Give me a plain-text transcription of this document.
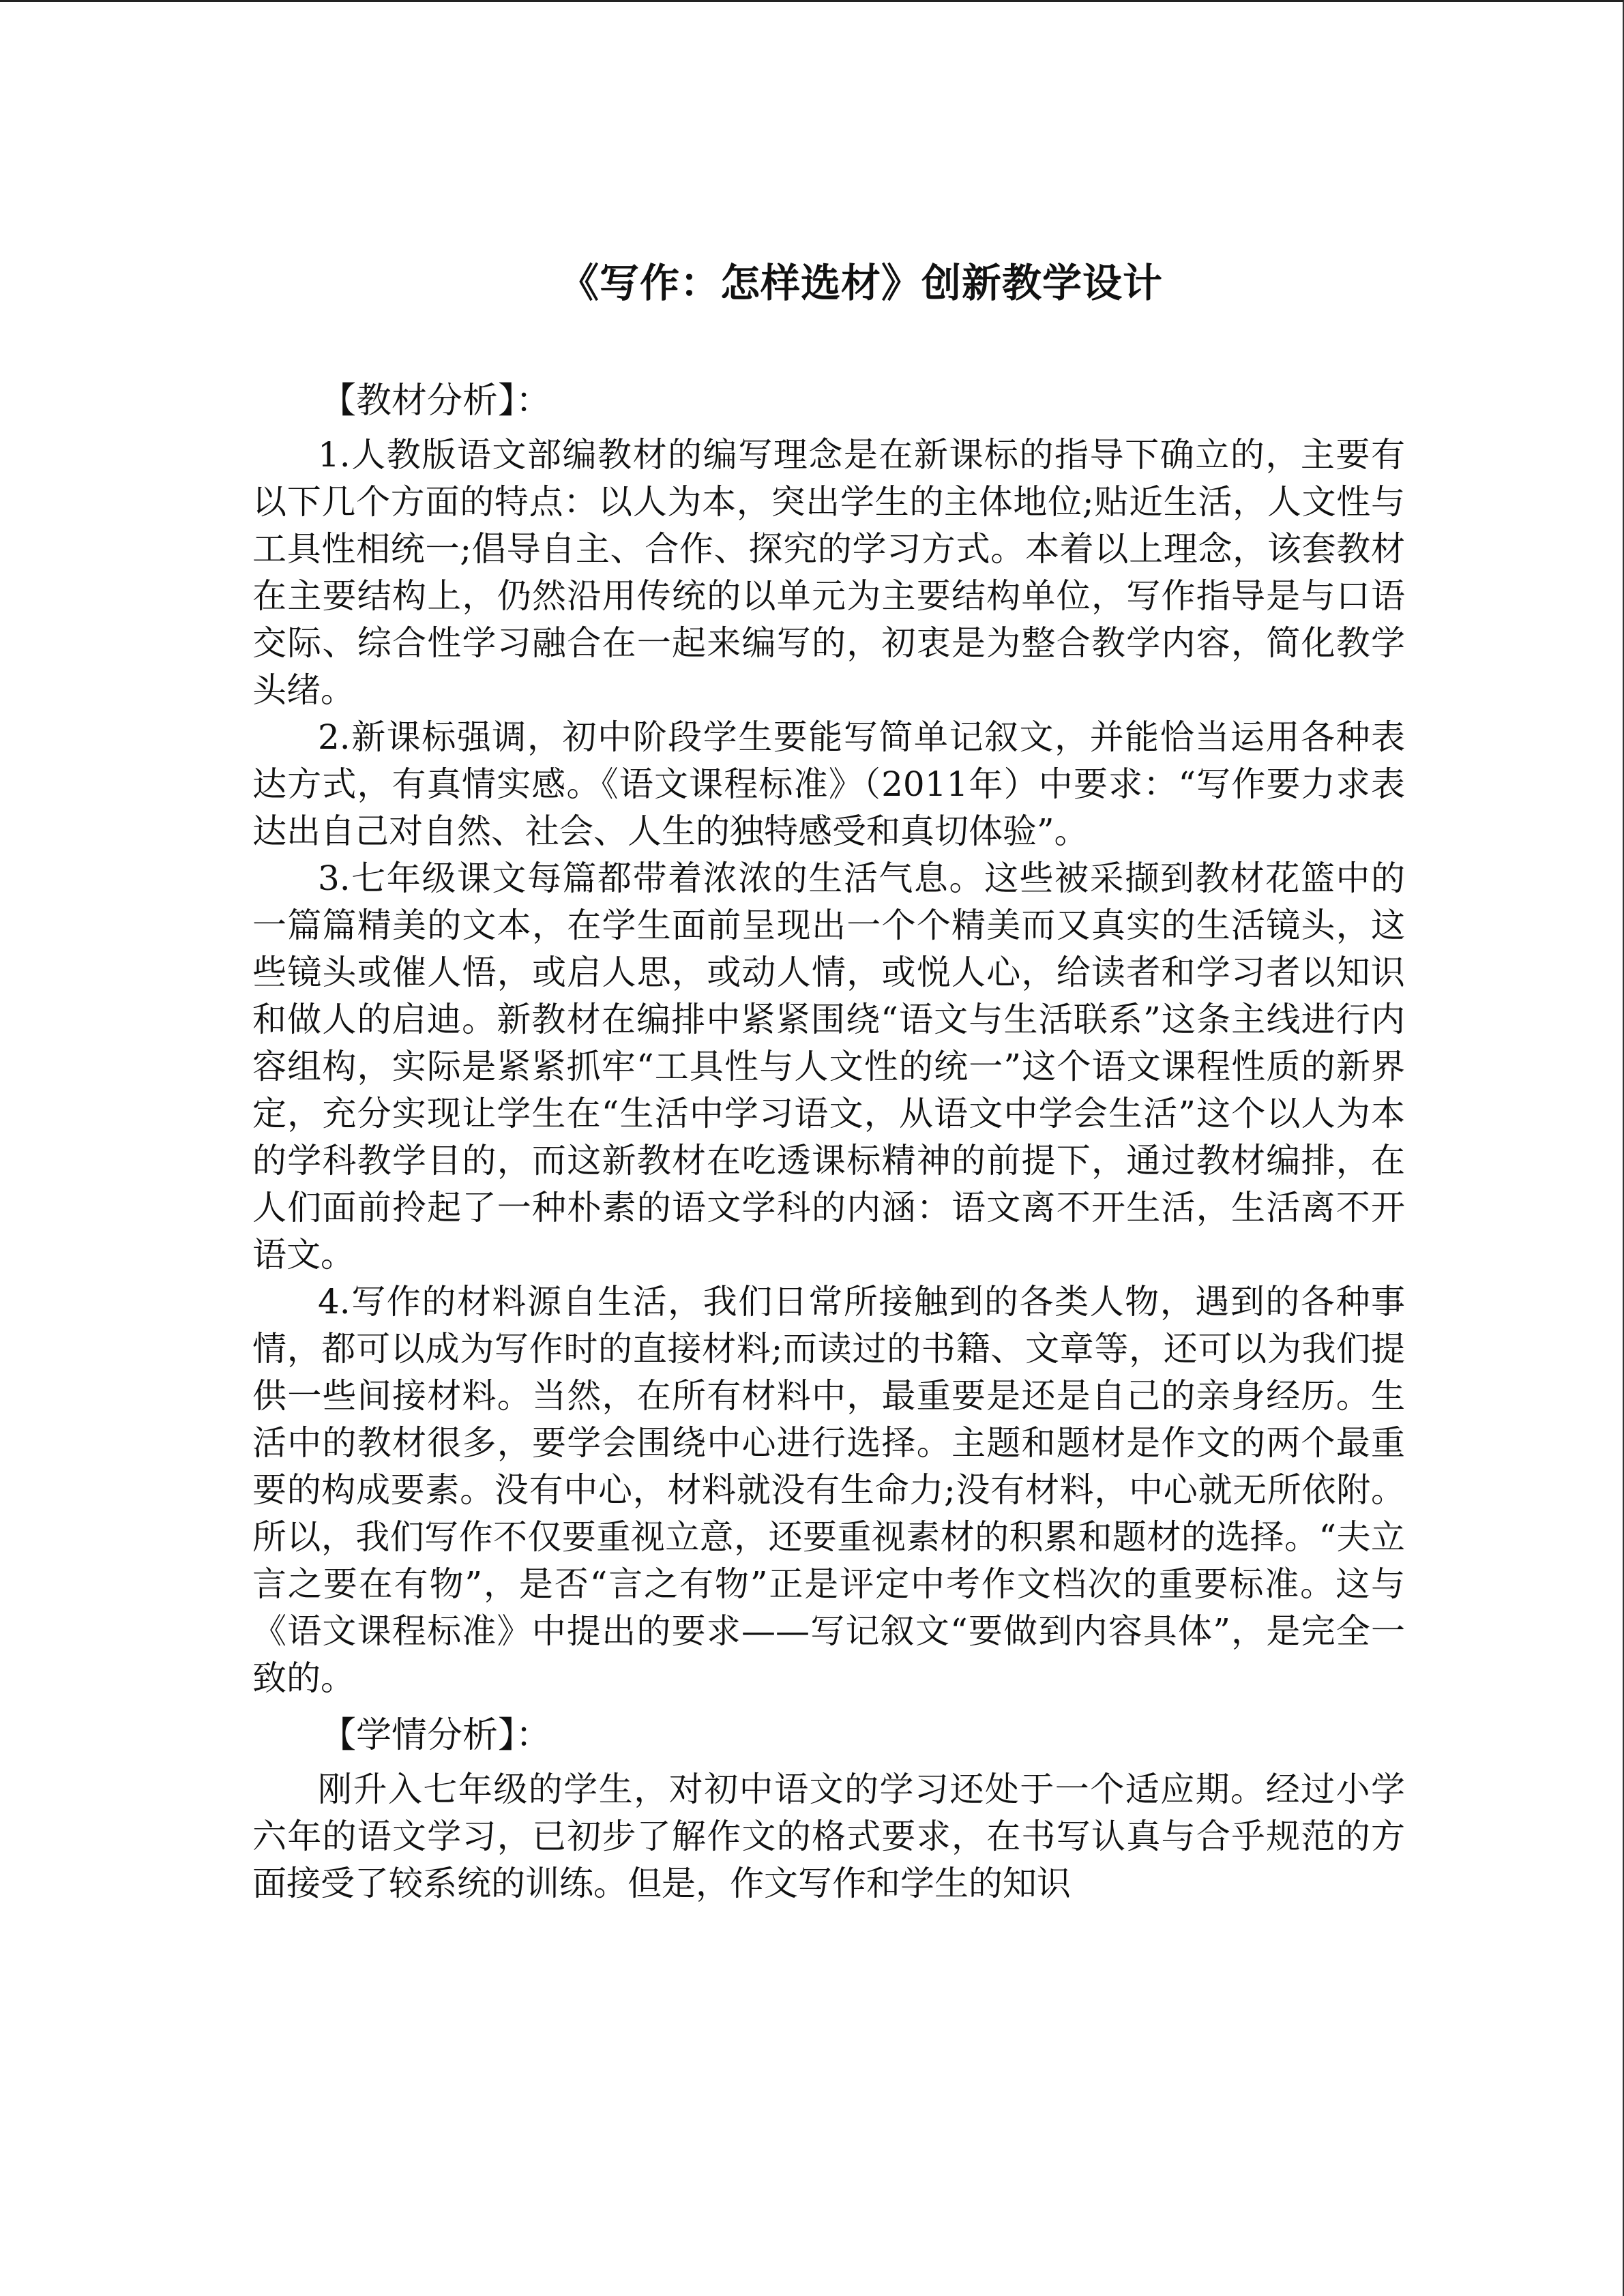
《写作：怎样选材》创新教学设计
【教材分析】：

1.人教版语文部编教材的编写理念是在新课标的指导下确立的，主要有以下几个方面的特点：以人为本，突出学生的主体地位;贴近生活，人文性与工具性相统一;倡导自主、合作、探究的学习方式。本着以上理念，该套教材在主要结构上，仍然沿用传统的以单元为主要结构单位，写作指导是与口语交际、综合性学习融合在一起来编写的，初衷是为整合教学内容，简化教学头绪。

2.新课标强调，初中阶段学生要能写简单记叙文，并能恰当运用各种表达方式，有真情实感。《语文课程标准》（2011年）中要求：“写作要力求表达出自己对自然、社会、人生的独特感受和真切体验”。

3.七年级课文每篇都带着浓浓的生活气息。这些被采撷到教材花篮中的一篇篇精美的文本，在学生面前呈现出一个个精美而又真实的生活镜头，这些镜头或催人悟，或启人思，或动人情，或悦人心，给读者和学习者以知识和做人的启迪。新教材在编排中紧紧围绕“语文与生活联系”这条主线进行内容组构，实际是紧紧抓牢“工具性与人文性的统一”这个语文课程性质的新界定，充分实现让学生在“生活中学习语文，从语文中学会生活”这个以人为本的学科教学目的，而这新教材在吃透课标精神的前提下，通过教材编排，在人们面前拎起了一种朴素的语文学科的内涵：语文离不开生活，生活离不开语文。

4.写作的材料源自生活，我们日常所接触到的各类人物，遇到的各种事情，都可以成为写作时的直接材料;而读过的书籍、文章等，还可以为我们提供一些间接材料。当然，在所有材料中，最重要是还是自己的亲身经历。生活中的教材很多，要学会围绕中心进行选择。主题和题材是作文的两个最重要的构成要素。没有中心，材料就没有生命力;没有材料，中心就无所依附。所以，我们写作不仅要重视立意，还要重视素材的积累和题材的选择。“夫立言之要在有物”，是否“言之有物”正是评定中考作文档次的重要标准。这与《语文课程标准》中提出的要求——写记叙文“要做到内容具体”，是完全一致的。

【学情分析】：

刚升入七年级的学生，对初中语文的学习还处于一个适应期。经过小学六年的语文学习，已初步了解作文的格式要求，在书写认真与合乎规范的方面接受了较系统的训练。但是，作文写作和学生的知识
